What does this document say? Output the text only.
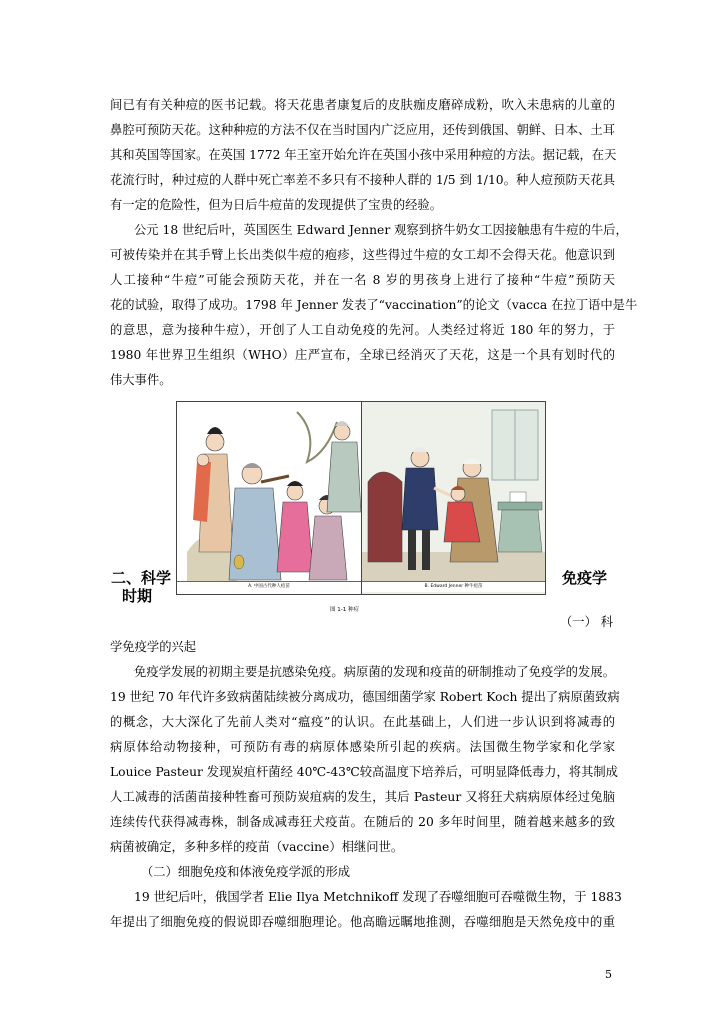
间已有有关种痘的医书记载。将天花患者康复后的皮肤痂皮磨碎成粉，吹入未患病的儿童的
鼻腔可预防天花。这种种痘的方法不仅在当时国内广泛应用，还传到俄国、朝鲜、日本、土耳
其和英国等国家。在英国 1772 年王室开始允许在英国小孩中采用种痘的方法。据记载，在天
花流行时，种过痘的人群中死亡率差不多只有不接种人群的 1/5 到 1/10。种人痘预防天花具
有一定的危险性，但为日后牛痘苗的发现提供了宝贵的经验。
公元 18 世纪后叶，英国医生 Edward Jenner 观察到挤牛奶女工因接触患有牛痘的牛后，
可被传染并在其手臂上长出类似牛痘的疱疹，这些得过牛痘的女工却不会得天花。他意识到
人工接种“牛痘”可能会预防天花，并在一名 8 岁的男孩身上进行了接种“牛痘”预防天
花的试验，取得了成功。1798 年 Jenner 发表了“vaccination”的论文（vacca 在拉丁语中是牛
的意思，意为接种牛痘），开创了人工自动免疫的先河。人类经过将近 180 年的努力，于
1980 年世界卫生组织（WHO）庄严宣布，全球已经消灭了天花，这是一个具有划时代的
伟大事件。
A. 中国古代种人痘苗	B. Edward Jenner 种牛痘苗
二、科学	免疫学
时期
图 1-1 种痘
（一） 科
学免疫学的兴起
免疫学发展的初期主要是抗感染免疫。病原菌的发现和疫苗的研制推动了免疫学的发展。
19 世纪 70 年代许多致病菌陆续被分离成功，德国细菌学家 Robert Koch 提出了病原菌致病
的概念，大大深化了先前人类对“瘟疫”的认识。在此基础上，人们进一步认识到将减毒的
病原体给动物接种，可预防有毒的病原体感染所引起的疾病。法国微生物学家和化学家
Louice Pasteur 发现炭疽杆菌经 40℃-43℃较高温度下培养后，可明显降低毒力，将其制成
人工减毒的活菌苗接种牲畜可预防炭疽病的发生，其后 Pasteur 又将狂犬病病原体经过兔脑
连续传代获得减毒株，制备成减毒狂犬疫苗。在随后的 20 多年时间里，随着越来越多的致
病菌被确定，多种多样的疫苗（vaccine）相继问世。
（二）细胞免疫和体液免疫学派的形成
19 世纪后叶，俄国学者 Elie Ilya Metchnikoff 发现了吞噬细胞可吞噬微生物，于 1883
年提出了细胞免疫的假说即吞噬细胞理论。他高瞻远瞩地推测，吞噬细胞是天然免疫中的重
5
